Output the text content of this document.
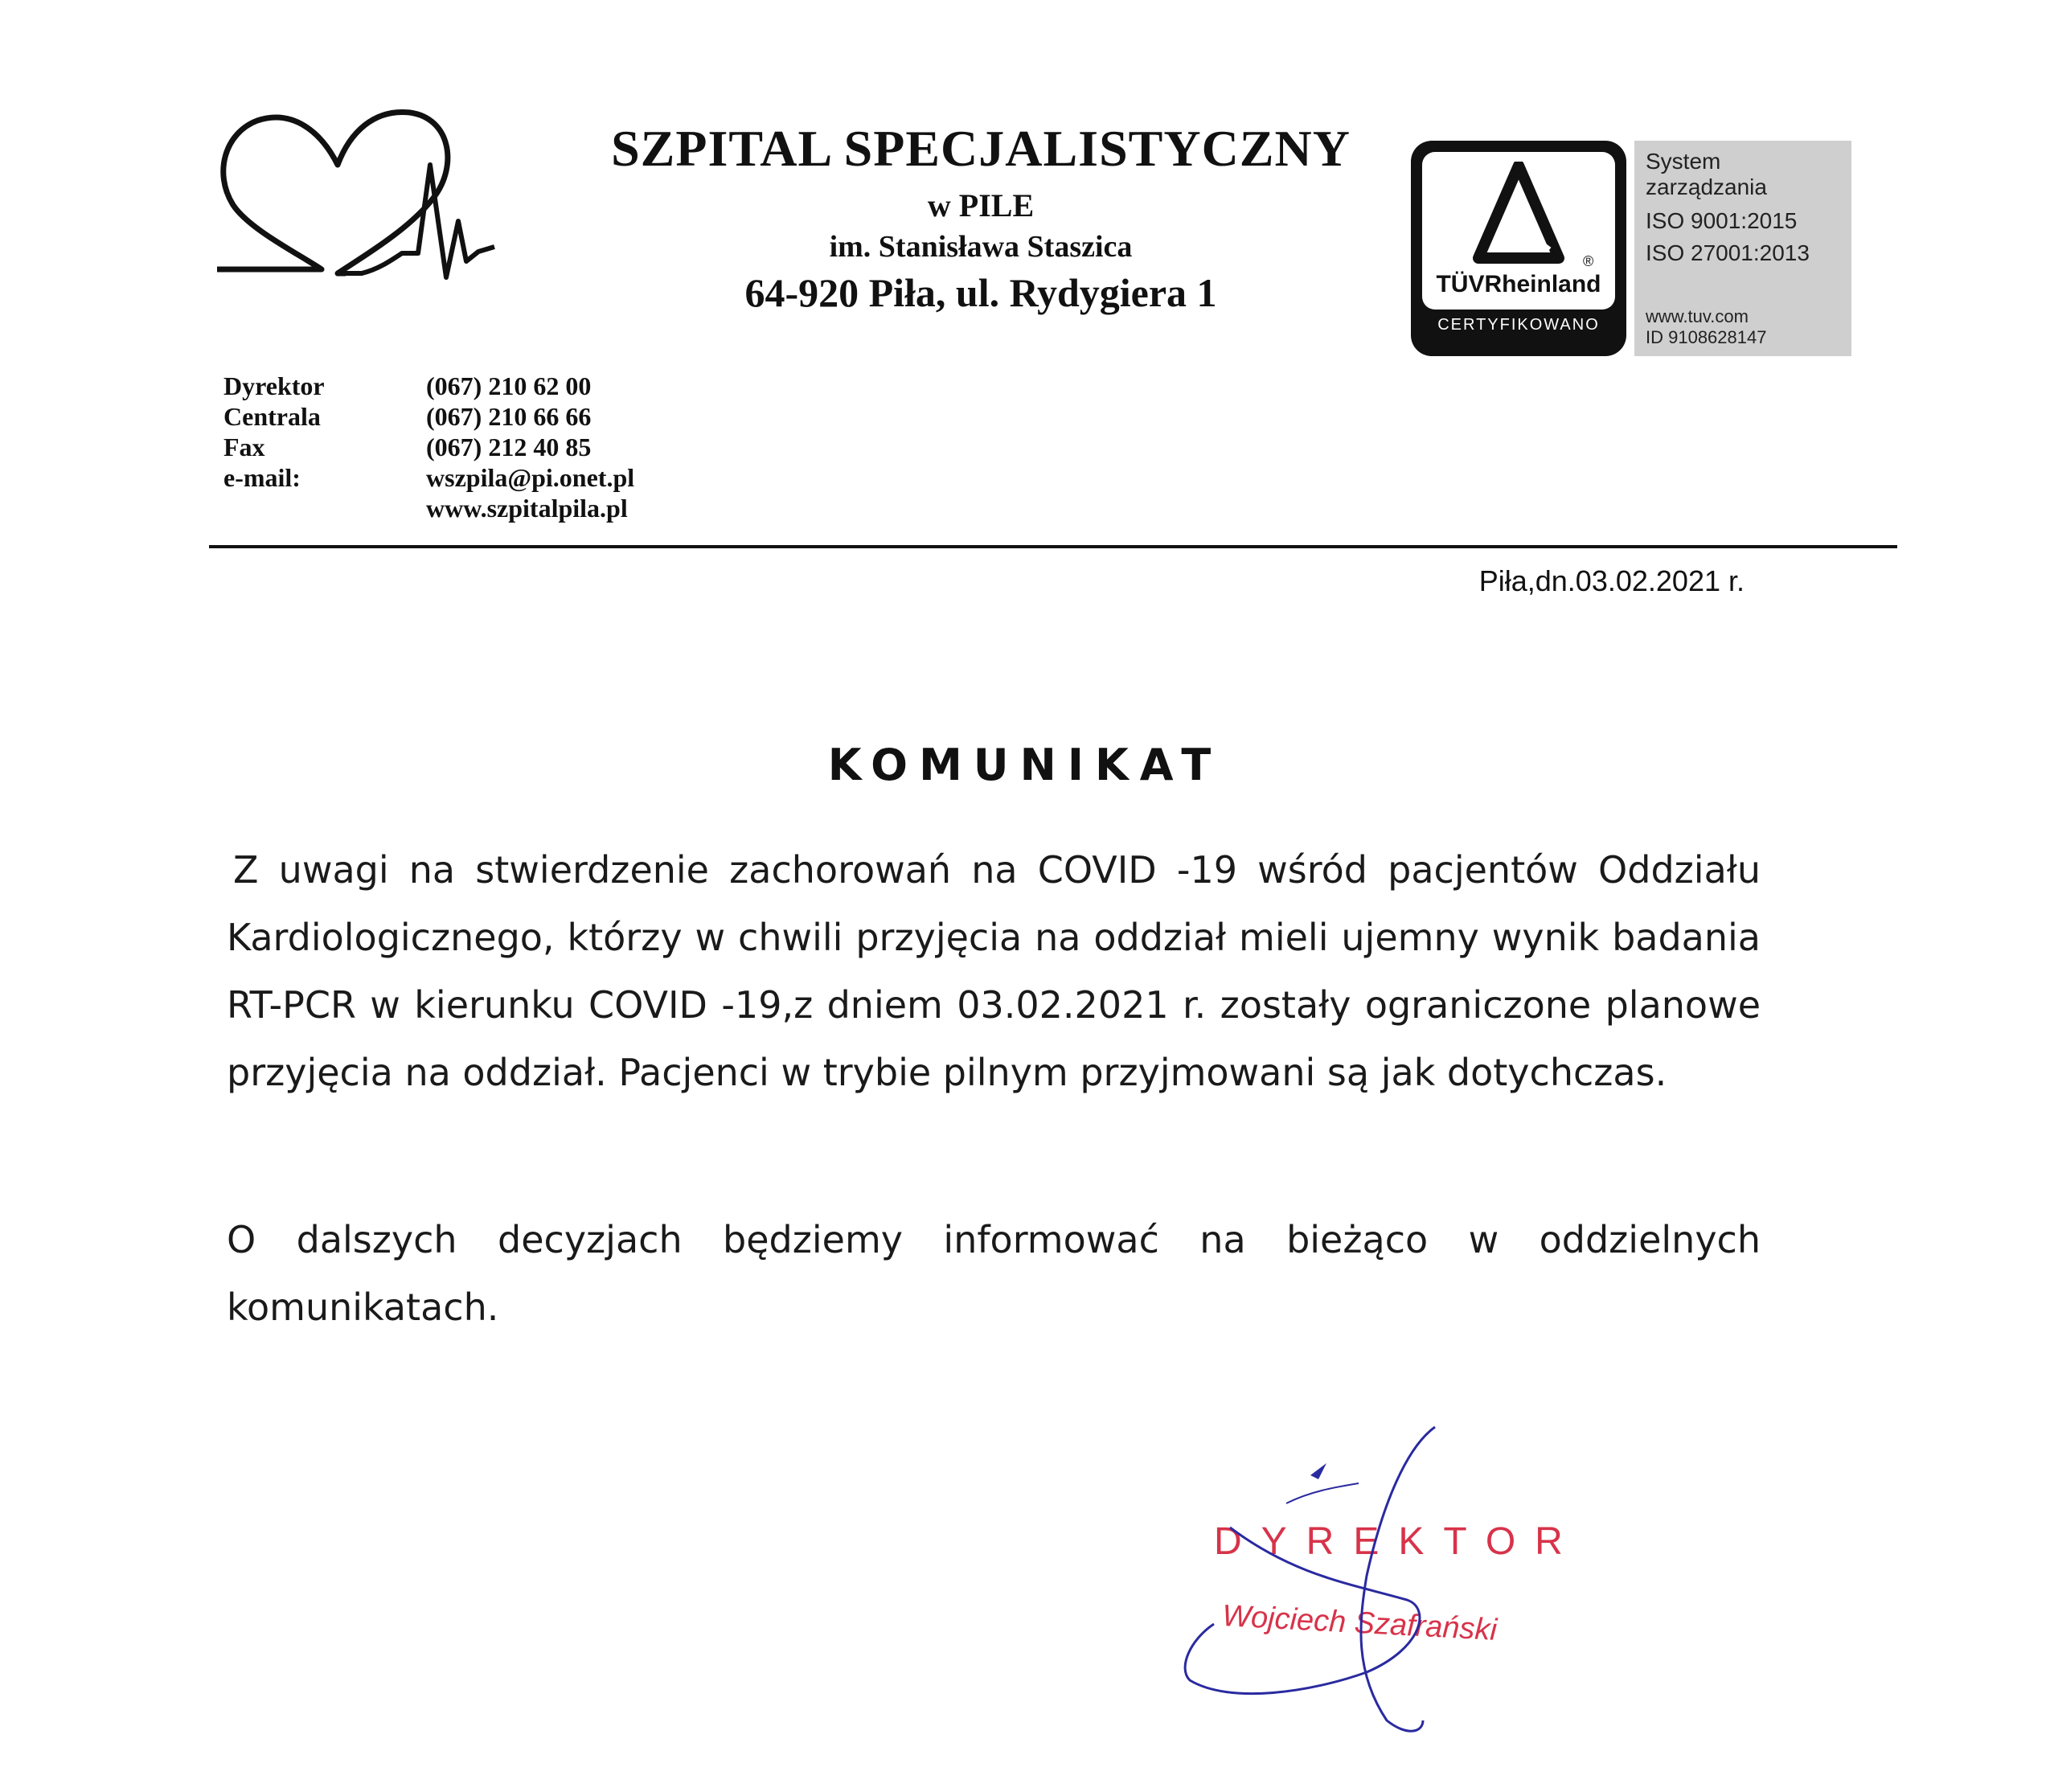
SZPITAL SPECJALISTYCZNY
w PILE
im. Stanisława Staszica
64-920 Piła, ul. Rydygiera 1
®
TÜVRheinland
CERTYFIKOWANO
System
zarządzania
ISO 9001:2015
ISO 27001:2013
www.tuv.com
ID 9108628147
Dyrektor	(067) 210 62 00
Centrala	(067) 210 66 66
Fax	(067) 212 40 85
e-mail:	wszpila@pi.onet.pl
www.szpitalpila.pl
Piła,dn.03.02.2021 r.
KOMUNIKAT
Z uwagi na stwierdzenie zachorowań na COVID -19 wśród pacjentów Oddziału Kardiologicznego, którzy w chwili przyjęcia na oddział mieli ujemny wynik badania RT-PCR w kierunku COVID -19,z dniem 03.02.2021 r. zostały ograniczone planowe przyjęcia na oddział. Pacjenci w trybie pilnym przyjmowani są jak dotychczas.
O dalszych decyzjach będziemy informować na bieżąco w oddzielnych komunikatach.
DYREKTOR
Wojciech Szafrański
